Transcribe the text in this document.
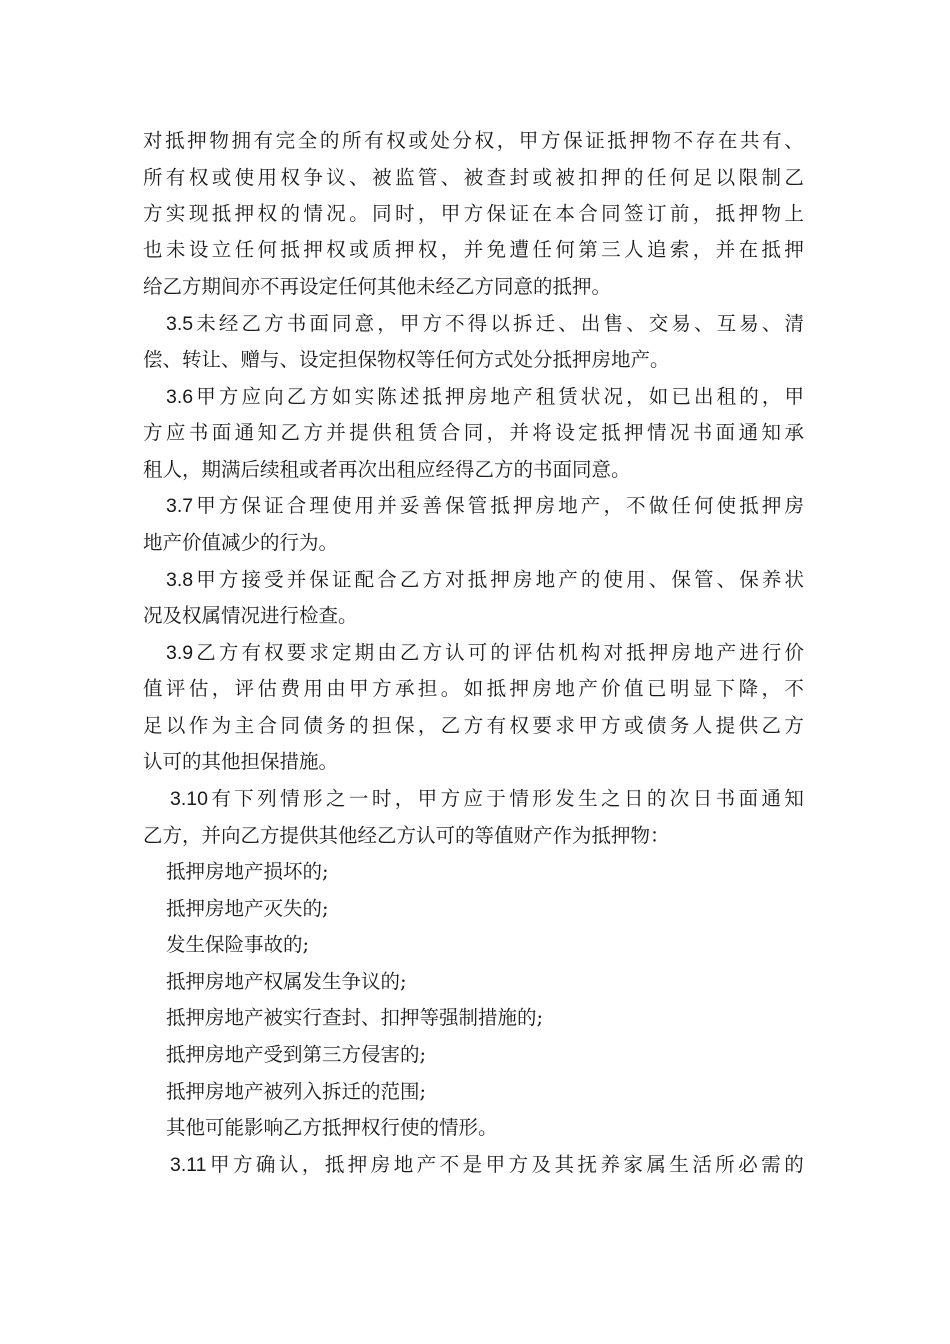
对 抵 押 物 拥 有 完 全 的 所 有 权 或 处 分 权 ， 甲 方 保 证 抵 押 物 不 存 在 共 有 、
所 有 权 或 使 用 权 争 议 、 被 监 管 、 被 查 封 或 被 扣 押 的 任 何 足 以 限 制 乙
方 实 现 抵 押 权 的 情 况 。 同 时 ， 甲 方 保 证 在 本 合 同 签 订 前 ， 抵 押 物 上
也 未 设 立 任 何 抵 押 权 或 质 押 权 ， 并 免 遭 任 何 第 三 人 追 索 ， 并 在 抵 押
给乙方期间亦不再设定任何其他未经乙方同意的抵押。
3.5 未 经 乙 方 书 面 同 意 ， 甲 方 不 得 以 拆 迁 、 出 售 、 交 易 、 互 易 、 清
偿、转让、赠与、设定担保物权等任何方式处分抵押房地产。
3.6 甲 方 应 向 乙 方 如 实 陈 述 抵 押 房 地 产 租 赁 状 况 ， 如 已 出 租 的 ， 甲
方 应 书 面 通 知 乙 方 并 提 供 租 赁 合 同 ， 并 将 设 定 抵 押 情 况 书 面 通 知 承
租人，期满后续租或者再次出租应经得乙方的书面同意。
3.7 甲 方 保 证 合 理 使 用 并 妥 善 保 管 抵 押 房 地 产 ， 不 做 任 何 使 抵 押 房
地产价值减少的行为。
3.8 甲 方 接 受 并 保 证 配 合 乙 方 对 抵 押 房 地 产 的 使 用 、 保 管 、 保 养 状
况及权属情况进行检查。
3.9 乙 方 有 权 要 求 定 期 由 乙 方 认 可 的 评 估 机 构 对 抵 押 房 地 产 进 行 价
值 评 估 ， 评 估 费 用 由 甲 方 承 担 。 如 抵 押 房 地 产 价 值 已 明 显 下 降 ， 不
足 以 作 为 主 合 同 债 务 的 担 保 ， 乙 方 有 权 要 求 甲 方 或 债 务 人 提 供 乙 方
认可的其他担保措施。
3.10 有 下 列 情 形 之 一 时 ， 甲 方 应 于 情 形 发 生 之 日 的 次 日 书 面 通 知
乙方，并向乙方提供其他经乙方认可的等值财产作为抵押物：
抵押房地产损坏的;
抵押房地产灭失的;
发生保险事故的;
抵押房地产权属发生争议的;
抵押房地产被实行查封、扣押等强制措施的;
抵押房地产受到第三方侵害的;
抵押房地产被列入拆迁的范围;
其他可能影响乙方抵押权行使的情形。
3.11 甲 方 确 认 ， 抵 押 房 地 产 不 是 甲 方 及 其 抚 养 家 属 生 活 所 必 需 的
